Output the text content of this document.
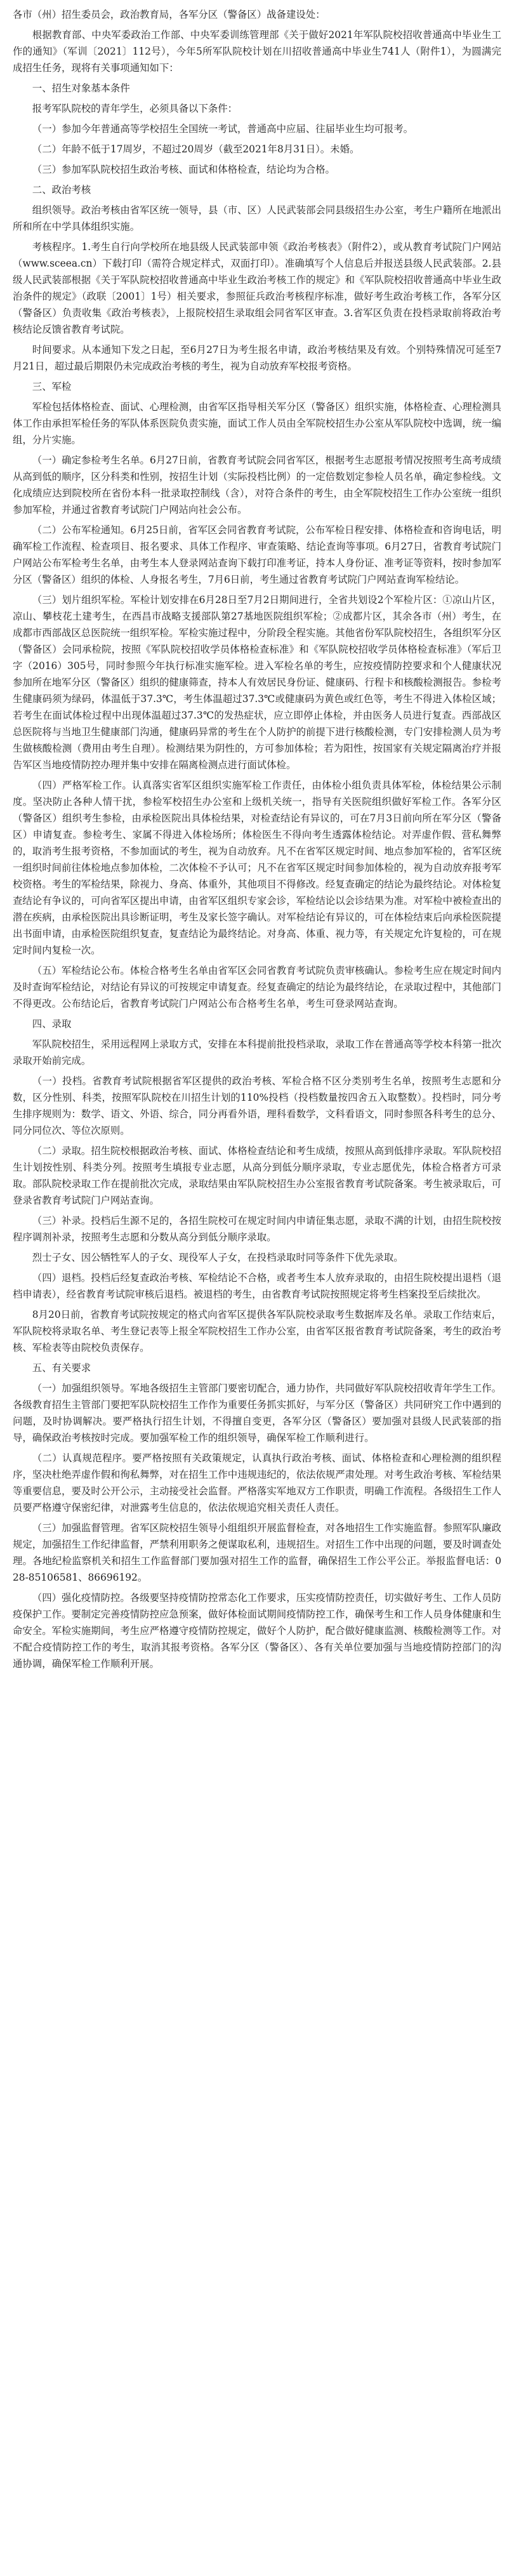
各市（州）招生委员会，政治教育局，各军分区（警备区）战备建设处：

根据教育部、中央军委政治工作部、中央军委训练管理部《关于做好2021年军队院校招收普通高中毕业生工作的通知》（军训〔2021〕112号），今年5所军队院校计划在川招收普通高中毕业生741人（附件1），为圆满完成招生任务，现将有关事项通知如下：

一、招生对象基本条件

报考军队院校的青年学生，必须具备以下条件：

（一）参加今年普通高等学校招生全国统一考试，普通高中应届、往届毕业生均可报考。

（二）年龄不低于17周岁，不超过20周岁（截至2021年8月31日）。未婚。

（三）参加军队院校招生政治考核、面试和体格检查，结论均为合格。

二、政治考核

组织领导。政治考核由省军区统一领导，县（市、区）人民武装部会同县级招生办公室，考生户籍所在地派出所和所在中学具体组织实施。

考核程序。1.考生自行向学校所在地县级人民武装部申领《政治考核表》（附件2），或从教育考试院门户网站（www.sceea.cn）下载打印（需符合规定样式，双面打印）。准确填写个人信息后并报送县级人民武装部。2.县级人民武装部根据《关于军队院校招收普通高中毕业生政治考核工作的规定》和《军队院校招收普通高中毕业生政治条件的规定》（政联〔2001〕1号）相关要求，参照征兵政治考核程序标准，做好考生政治考核工作，各军分区（警备区）负责收集《政治考核表》，上报院校招生录取组会同省军区审查。3.省军区负责在投档录取前将政治考核结论反馈省教育考试院。

时间要求。从本通知下发之日起，至6月27日为考生报名申请，政治考核结果及有效。个别特殊情况可延至7月21日，超过最后期限仍未完成政治考核的考生，视为自动放弃军校报考资格。

三、军检

军检包括体格检查、面试、心理检测，由省军区指导相关军分区（警备区）组织实施，体格检查、心理检测具体工作由承担军检任务的军队体系医院负责实施，面试工作人员由全军院校招生办公室从军队院校中选调，统一编组，分片实施。

（一）确定参检考生名单。6月27日前，省教育考试院会同省军区，根据考生志愿报考情况按照考生高考成绩从高到低的顺序，区分科类和性别，按招生计划（实际投档比例）的一定倍数划定参检人员名单，确定参检线。文化成绩应达到院校所在省份本科一批录取控制线（含），对符合条件的考生，由全军院校招生工作办公室统一组织参加军检，并通过省教育考试院门户网站向社会公布。

（二）公布军检通知。6月25日前，省军区会同省教育考试院，公布军检日程安排、体格检查和咨询电话，明确军检工作流程、检查项目、报名要求、具体工作程序、审查策略、结论查询等事项。6月27日，省教育考试院门户网站公布军检考生名单，由考生本人登录网站查询下载打印准考证，持本人身份证、准考证等资料，按时参加军分区（警备区）组织的体检、人身报名考生，7月6日前，考生通过省教育考试院门户网站查询军检结论。

（三）划片组织军检。军检计划安排在6月28日至7月2日期间进行，全省共划设2个军检片区：①凉山片区，凉山、攀枝花土建考生，在西昌市战略支援部队第27基地医院组织军检；②成都片区，其余各市（州）考生，在成都市西部战区总医院统一组织军检。军检实施过程中，分阶段全程实施。其他省份军队院校招生，各组织军分区（警备区）会同承检院，按照《军队院校招收学员体格检查标准》和《军队院校招收学员体格检查标准》（军后卫字（2016）305号，同时参照今年执行标准实施军检。进入军检名单的考生，应按疫情防控要求和个人健康状况参加所在地军分区（警备区）组织的健康筛查，持本人有效居民身份证、健康码、行程卡和核酸检测报告。参检考生健康码须为绿码，体温低于37.3℃，考生体温超过37.3℃或健康码为黄色或红色等，考生不得进入体检区域；若考生在面试体检过程中出现体温超过37.3℃的发热症状，应立即停止体检，并由医务人员进行复查。西部战区总医院将与当地卫生健康部门沟通，健康码异常的考生在个人防护的前提下进行核酸检测，专门安排检测人员为考生做核酸检测（费用由考生自理）。检测结果为阴性的，方可参加体检；若为阳性，按国家有关规定隔离治疗并报告军区当地疫情防控办理并集中安排在隔离检测点进行面试体检。

（四）严格军检工作。认真落实省军区组织实施军检工作责任，由体检小组负责具体军检，体检结果公示制度。坚决防止各种人情干扰，参检军校招生办公室和上级机关统一，指导有关医院组织做好军检工作。各军分区（警备区）组织考生参检，由承检医院出具体检结果，对检查结论有异议的，可在7月3日前向所在军分区（警备区）申请复查。参检考生、家属不得进入体检场所；体检医生不得向考生透露体检结论。对弄虚作假、营私舞弊的，取消考生报考资格，不参加面试的考生，视为自动放弃。凡不在省军区规定时间、地点参加军检的，省军区统一组织时间前往体检地点参加体检，二次体检不予认可；凡不在省军区规定时间参加体检的，视为自动放弃报考军校资格。考生的军检结果，除视力、身高、体重外，其他项目不得修改。经复查确定的结论为最终结论。对体检复查结论有争议的，可向省军区提出申请，由省军区组织专家会诊，军检结论以会诊结果为准。对军检中被检查出的潜在疾病，由承检医院出具诊断证明，考生及家长签字确认。对军检结论有异议的，可在体检结束后向承检医院提出书面申请，由承检医院组织复查，复查结论为最终结论。对身高、体重、视力等，有关规定允许复检的，可在规定时间内复检一次。

（五）军检结论公布。体检合格考生名单由省军区会同省教育考试院负责审核确认。参检考生应在规定时间内及时查询军检结论，对结论有异议的可按规定申请复查。经复查确定的结论为最终结论，在录取过程中，其他部门不得更改。公布结论后，省教育考试院门户网站公布合格考生名单，考生可登录网站查询。

四、录取

军队院校招生，采用远程网上录取方式，安排在本科提前批投档录取，录取工作在普通高等学校本科第一批次录取开始前完成。

（一）投档。省教育考试院根据省军区提供的政治考核、军检合格不区分类别考生名单，按照考生志愿和分数，区分性别、科类，按照军队院校在川招生计划的110%投档（投档数量按四舍五入取整数）。投档时，同分考生排序规则为：数学、语文、外语、综合，同分再看外语，理科看数学，文科看语文，同时参照各科考生的总分、同分同位次、等位次原则。

（二）录取。招生院校根据政治考核、面试、体格检查结论和考生成绩，按照从高到低排序录取。军队院校招生计划按性别、科类分列。按照考生填报专业志愿，从高分到低分顺序录取，专业志愿优先，体检合格者方可录取。部队院校录取工作在提前批次完成，录取结果由军队院校招生办公室报省教育考试院备案。考生被录取后，可登录省教育考试院门户网站查询。

（三）补录。投档后生源不足的，各招生院校可在规定时间内申请征集志愿，录取不满的计划，由招生院校按程序调剂补录，按照考生志愿和分数从高分到低分顺序录取。

烈士子女、因公牺牲军人的子女、现役军人子女，在投档录取时同等条件下优先录取。

（四）退档。投档后经复查政治考核、军检结论不合格，或者考生本人放弃录取的，由招生院校提出退档（退档申请表），经省教育考试院审核后退档。被退档的考生，由省教育考试院按照规定将考生档案投至后续批次。

8月20日前，省教育考试院按规定的格式向省军区提供各军队院校录取考生数据库及名单。录取工作结束后，军队院校将录取名单、考生登记表等上报全军院校招生工作办公室，由省军区报省教育考试院备案，考生的政治考核、军检表等由院校负责保存。

五、有关要求

（一）加强组织领导。军地各级招生主管部门要密切配合，通力协作，共同做好军队院校招收青年学生工作。各级教育招生主管部门要把军队院校招生工作作为重要任务抓实抓好，与军分区（警备区）共同研究工作中遇到的问题，及时协调解决。要严格执行招生计划，不得擅自变更，各军分区（警备区）要加强对县级人民武装部的指导，确保政治考核按时完成。要加强军检工作的组织领导，确保军检工作顺利进行。

（二）认真规范程序。要严格按照有关政策规定，认真执行政治考核、面试、体格检查和心理检测的组织程序，坚决杜绝弄虚作假和徇私舞弊，对在招生工作中违规违纪的，依法依规严肃处理。对考生政治考核、军检结果等重要信息，要及时公开公示，主动接受社会监督。严格落实军地双方工作职责，明确工作流程。各级招生工作人员要严格遵守保密纪律，对泄露考生信息的，依法依规追究相关责任人责任。

（三）加强监督管理。省军区院校招生领导小组组织开展监督检查，对各地招生工作实施监督。参照军队廉政规定，加强招生工作纪律监督，严禁利用职务之便谋取私利，违规招生。对招生工作中出现的问题，要及时调查处理。各地纪检监察机关和招生工作监督部门要加强对招生工作的监督，确保招生工作公平公正。举报监督电话：028-85106581、86696192。

（四）强化疫情防控。各级要坚持疫情防控常态化工作要求，压实疫情防控责任，切实做好考生、工作人员防疫保护工作。要制定完善疫情防控应急预案，做好体检面试期间疫情防控工作，确保考生和工作人员身体健康和生命安全。军检实施期间，考生应严格遵守疫情防控规定，做好个人防护，配合做好健康监测、核酸检测等工作。对不配合疫情防控工作的考生，取消其报考资格。各军分区（警备区）、各有关单位要加强与当地疫情防控部门的沟通协调，确保军检工作顺利开展。
